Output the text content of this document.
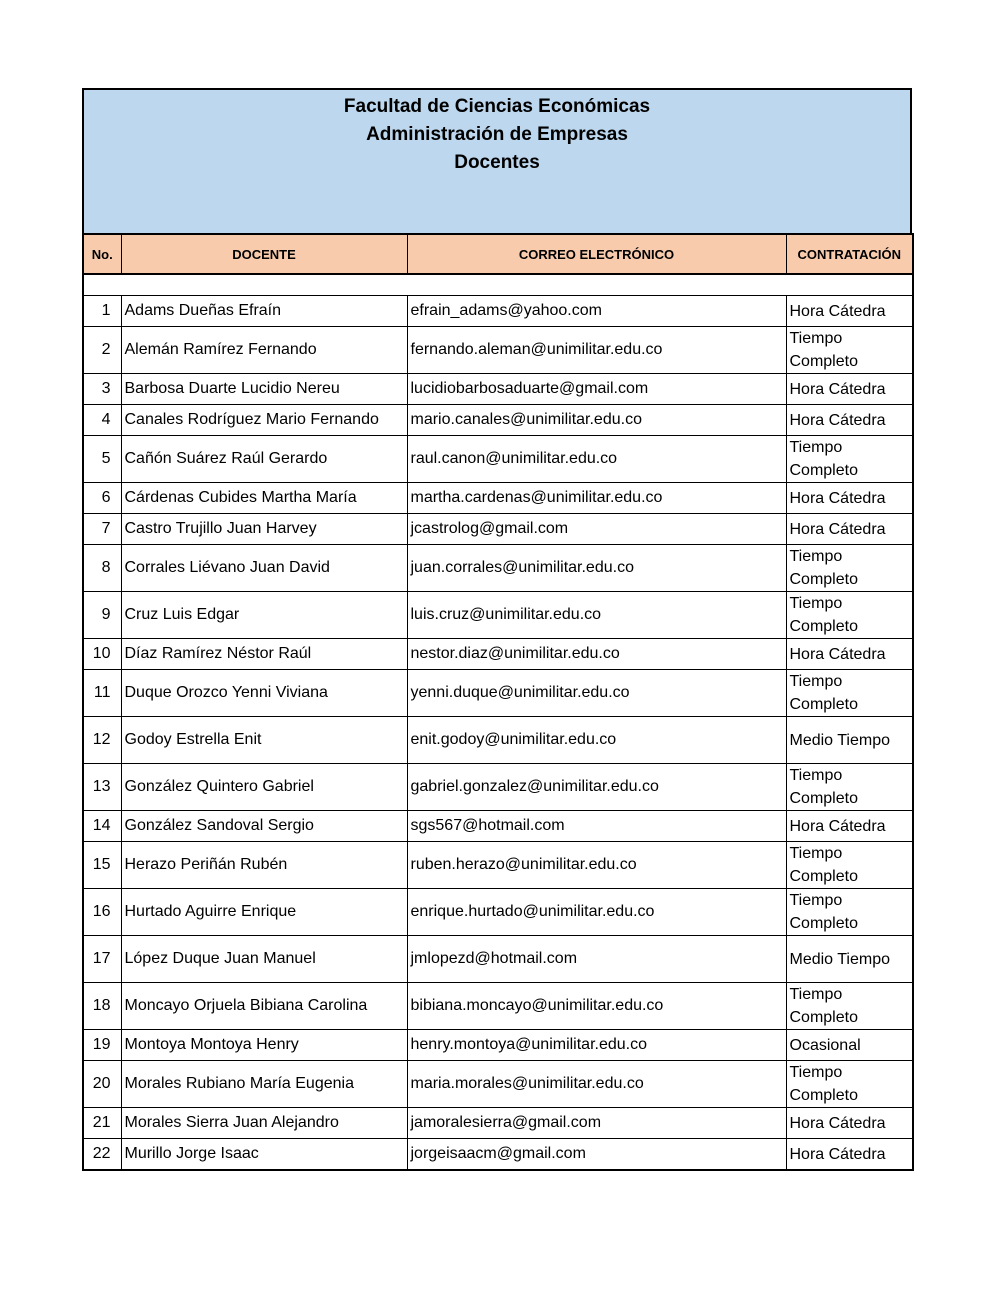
Facultad de Ciencias Económicas
Administración de Empresas
Docentes
No.	DOCENTE	CORREO ELECTRÓNICO	CONTRATACIÓN

1	Adams Dueñas Efraín	efrain_adams@yahoo.com	Hora Cátedra
2	Alemán Ramírez Fernando	fernando.aleman@unimilitar.edu.co	Tiempo Completo
3	Barbosa Duarte Lucidio Nereu	lucidiobarbosaduarte@gmail.com	Hora Cátedra
4	Canales Rodríguez Mario Fernando	mario.canales@unimilitar.edu.co	Hora Cátedra
5	Cañón Suárez Raúl Gerardo	raul.canon@unimilitar.edu.co	Tiempo Completo
6	Cárdenas Cubides Martha María	martha.cardenas@unimilitar.edu.co	Hora Cátedra
7	Castro Trujillo Juan Harvey	jcastrolog@gmail.com	Hora Cátedra
8	Corrales Liévano Juan David	juan.corrales@unimilitar.edu.co	Tiempo Completo
9	Cruz Luis Edgar	luis.cruz@unimilitar.edu.co	Tiempo Completo
10	Díaz Ramírez Néstor Raúl	nestor.diaz@unimilitar.edu.co	Hora Cátedra
11	Duque Orozco Yenni Viviana	yenni.duque@unimilitar.edu.co	Tiempo Completo
12	Godoy Estrella Enit	enit.godoy@unimilitar.edu.co	Medio Tiempo
13	González Quintero Gabriel	gabriel.gonzalez@unimilitar.edu.co	Tiempo Completo
14	González Sandoval Sergio	sgs567@hotmail.com	Hora Cátedra
15	Herazo Periñán Rubén	ruben.herazo@unimilitar.edu.co	Tiempo Completo
16	Hurtado Aguirre Enrique	enrique.hurtado@unimilitar.edu.co	Tiempo Completo
17	López Duque Juan Manuel	jmlopezd@hotmail.com	Medio Tiempo
18	Moncayo Orjuela Bibiana Carolina	bibiana.moncayo@unimilitar.edu.co	Tiempo Completo
19	Montoya Montoya Henry	henry.montoya@unimilitar.edu.co	Ocasional
20	Morales Rubiano María Eugenia	maria.morales@unimilitar.edu.co	Tiempo Completo
21	Morales Sierra Juan Alejandro	jamoralesierra@gmail.com	Hora Cátedra
22	Murillo Jorge Isaac	jorgeisaacm@gmail.com	Hora Cátedra
